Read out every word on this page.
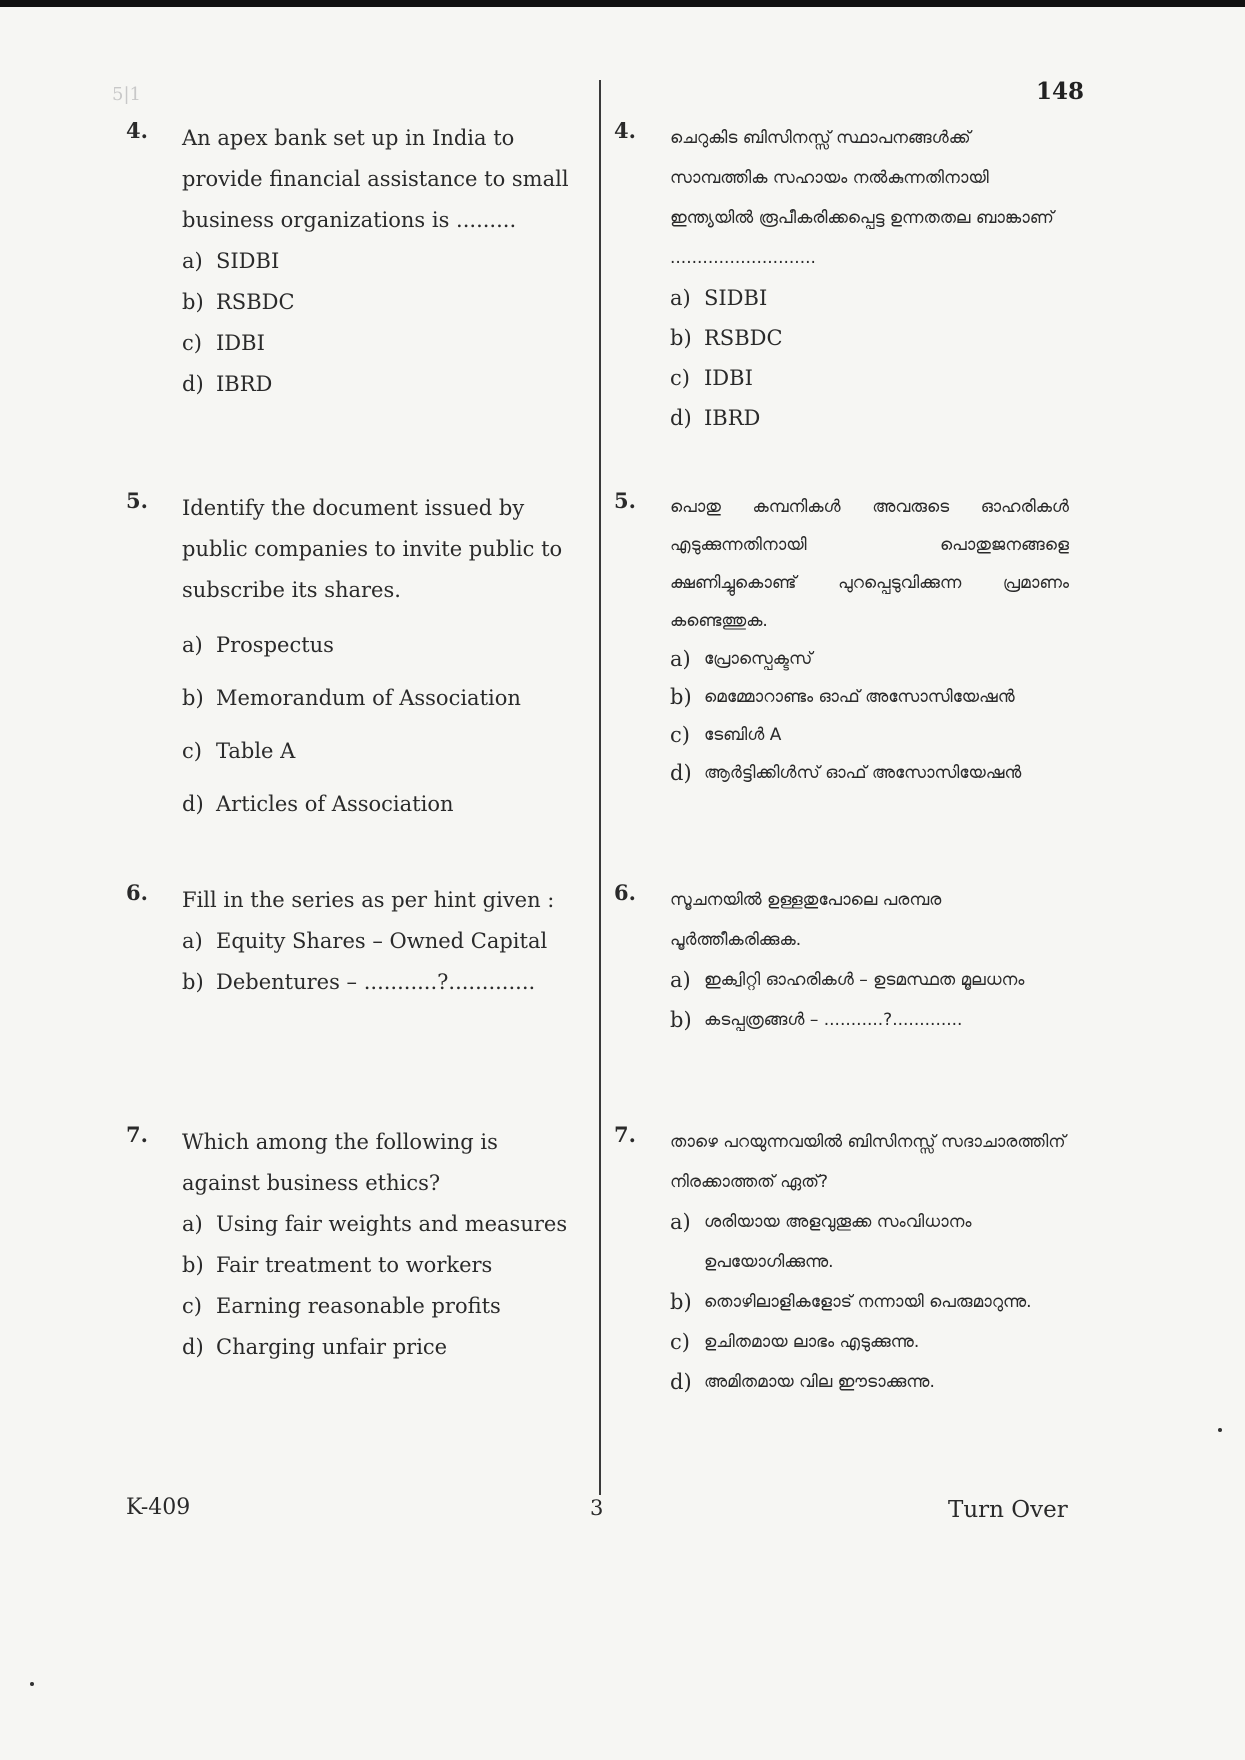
5|1	148
4. An apex bank set up in India to provide financial assistance to small business organizations is .........
a) SIDBI
b) RSBDC
c) IDBI
d) IBRD
5. Identify the document issued by public companies to invite public to subscribe its shares.
a) Prospectus
b) Memorandum of Association
c) Table A
d) Articles of Association
6. Fill in the series as per hint given :
a) Equity Shares – Owned Capital
b) Debentures – ...........?.............
7. Which among the following is against business ethics?
a) Using fair weights and measures
b) Fair treatment to workers
c) Earning reasonable profits
d) Charging unfair price
4. ചെറുകിട ബിസിനസ്സ് സ്ഥാപനങ്ങൾക്ക് സാമ്പത്തിക സഹായം നൽകുന്നതിനായി ഇന്ത്യയിൽ രൂപീകരിക്കപ്പെട്ട ഉന്നതതല ബാങ്കാണ് ...........................
a) SIDBI
b) RSBDC
c) IDBI
d) IBRD
5. പൊതു കമ്പനികൾ അവരുടെ ഓഹരികൾ എടുക്കുന്നതിനായി പൊതുജനങ്ങളെ ക്ഷണിച്ചുകൊണ്ട് പുറപ്പെടുവിക്കുന്ന പ്രമാണം കണ്ടെത്തുക.
a) പ്രോസ്പെക്ടസ്
b) മെമ്മോറാണ്ടം ഓഫ് അസോസിയേഷൻ
c) ടേബിൾ A
d) ആർട്ടിക്കിൾസ് ഓഫ് അസോസിയേഷൻ
6. സൂചനയിൽ ഉള്ളതുപോലെ പരമ്പര പൂർത്തീകരിക്കുക.
a) ഇക്വിറ്റി ഓഹരികൾ – ഉടമസ്ഥത മൂലധനം
b) കടപ്പത്രങ്ങൾ – ...........?.............
7. താഴെ പറയുന്നവയിൽ ബിസിനസ്സ് സദാചാരത്തിന് നിരക്കാത്തത് ഏത്?
a) ശരിയായ അളവുതൂക്ക സംവിധാനം ഉപയോഗിക്കുന്നു.
b) തൊഴിലാളികളോട് നന്നായി പെരുമാറുന്നു.
c) ഉചിതമായ ലാഭം എടുക്കുന്നു.
d) അമിതമായ വില ഈടാക്കുന്നു.
K-409	3	Turn Over
